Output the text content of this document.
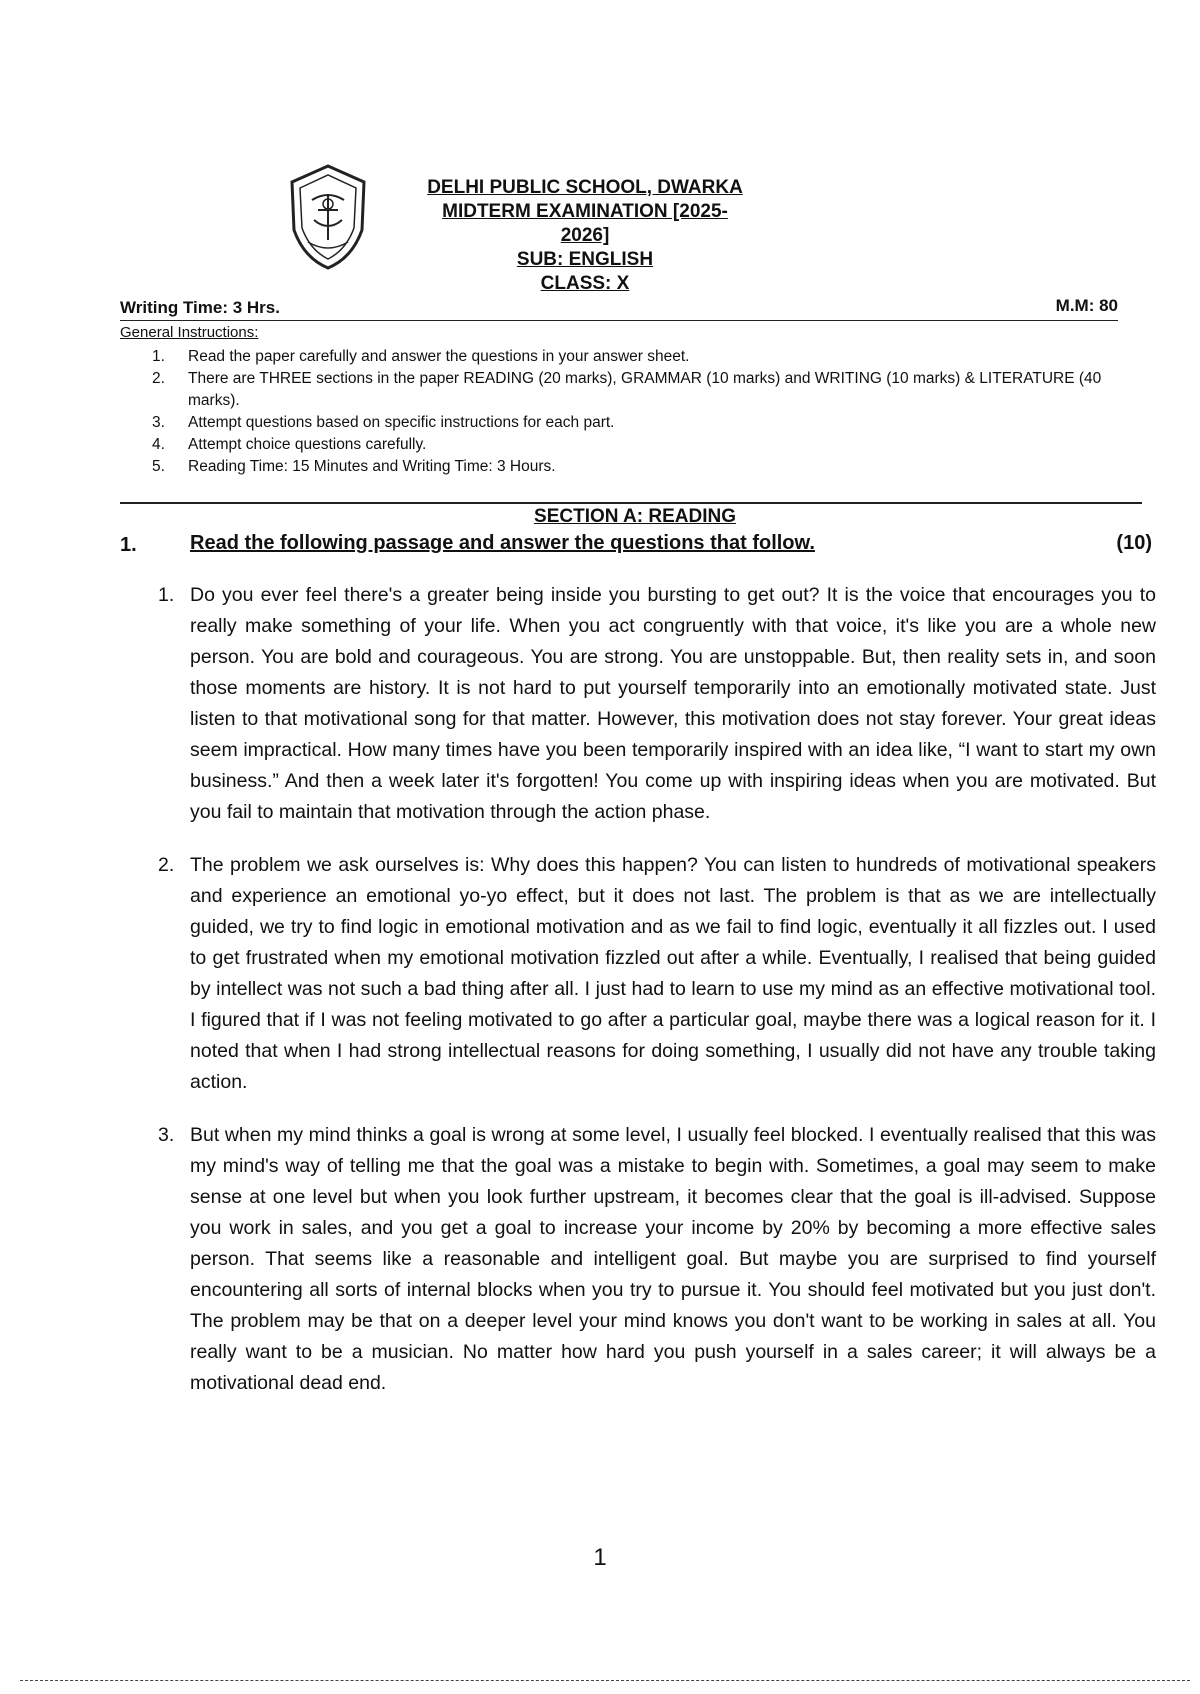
DELHI PUBLIC SCHOOL, DWARKA
MIDTERM EXAMINATION [2025-2026]
SUB: ENGLISH
CLASS: X
Writing Time: 3 Hrs.	M.M: 80
General Instructions:
1. Read the paper carefully and answer the questions in your answer sheet.
2. There are THREE sections in the paper READING (20 marks), GRAMMAR (10 marks) and WRITING (10 marks) & LITERATURE (40 marks).
3. Attempt questions based on specific instructions for each part.
4. Attempt choice questions carefully.
5. Reading Time: 15 Minutes and Writing Time: 3 Hours.
SECTION A: READING
1.	Read the following passage and answer the questions that follow.	(10)
1. Do you ever feel there's a greater being inside you bursting to get out? It is the voice that encourages you to really make something of your life. When you act congruently with that voice, it's like you are a whole new person. You are bold and courageous. You are strong. You are unstoppable. But, then reality sets in, and soon those moments are history. It is not hard to put yourself temporarily into an emotionally motivated state. Just listen to that motivational song for that matter. However, this motivation does not stay forever. Your great ideas seem impractical. How many times have you been temporarily inspired with an idea like, “I want to start my own business.” And then a week later it's forgotten! You come up with inspiring ideas when you are motivated. But you fail to maintain that motivation through the action phase.
2. The problem we ask ourselves is: Why does this happen? You can listen to hundreds of motivational speakers and experience an emotional yo-yo effect, but it does not last. The problem is that as we are intellectually guided, we try to find logic in emotional motivation and as we fail to find logic, eventually it all fizzles out. I used to get frustrated when my emotional motivation fizzled out after a while. Eventually, I realised that being guided by intellect was not such a bad thing after all. I just had to learn to use my mind as an effective motivational tool. I figured that if I was not feeling motivated to go after a particular goal, maybe there was a logical reason for it. I noted that when I had strong intellectual reasons for doing something, I usually did not have any trouble taking action.
3. But when my mind thinks a goal is wrong at some level, I usually feel blocked. I eventually realised that this was my mind's way of telling me that the goal was a mistake to begin with. Sometimes, a goal may seem to make sense at one level but when you look further upstream, it becomes clear that the goal is ill-advised. Suppose you work in sales, and you get a goal to increase your income by 20% by becoming a more effective sales person. That seems like a reasonable and intelligent goal. But maybe you are surprised to find yourself encountering all sorts of internal blocks when you try to pursue it. You should feel motivated but you just don't. The problem may be that on a deeper level your mind knows you don't want to be working in sales at all. You really want to be a musician. No matter how hard you push yourself in a sales career; it will always be a motivational dead end.
1
